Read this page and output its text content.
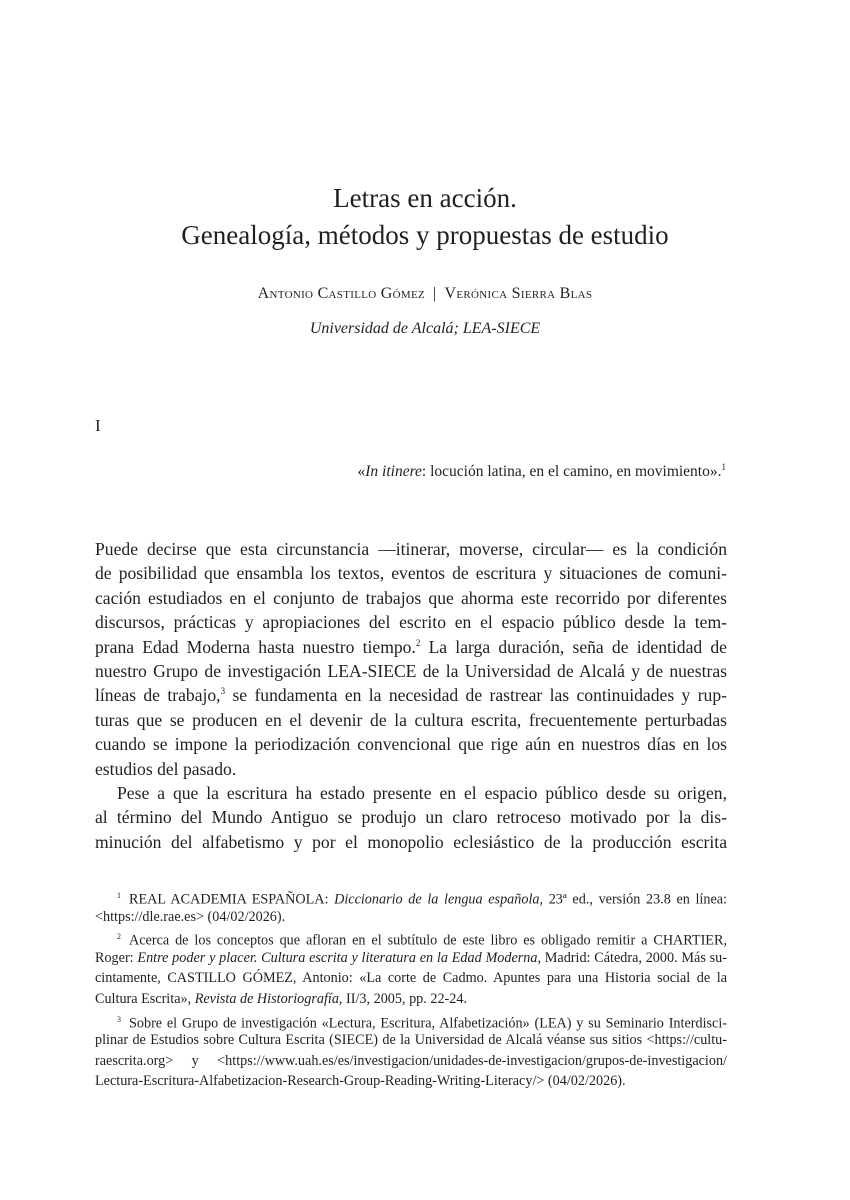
Letras en acción.
Genealogía, métodos y propuestas de estudio
Antonio Castillo Gómez | Verónica Sierra Blas
Universidad de Alcalá; LEA-SIECE
I
«In itinere: locución latina, en el camino, en movimiento».$^1$
Puede decirse que esta circunstancia —itinerar, moverse, circular— es la condición
de posibilidad que ensambla los textos, eventos de escritura y situaciones de comuni-
cación estudiados en el conjunto de trabajos que ahorma este recorrido por diferentes
discursos, prácticas y apropiaciones del escrito en el espacio público desde la tem-
prana Edad Moderna hasta nuestro tiempo.$^2$ La larga duración, seña de identidad de
nuestro Grupo de investigación LEA-SIECE de la Universidad de Alcalá y de nuestras
líneas de trabajo,$^3$ se fundamenta en la necesidad de rastrear las continuidades y rup-
turas que se producen en el devenir de la cultura escrita, frecuentemente perturbadas
cuando se impone la periodización convencional que rige aún en nuestros días en los
estudios del pasado.
Pese a que la escritura ha estado presente en el espacio público desde su origen,
al término del Mundo Antiguo se produjo un claro retroceso motivado por la dis-
minución del alfabetismo y por el monopolio eclesiástico de la producción escrita
$^1$ REAL ACADEMIA ESPAÑOLA: Diccionario de la lengua española, 23ª ed., versión 23.8 en línea:
<https://dle.rae.es> (04/02/2026).
$^2$ Acerca de los conceptos que afloran en el subtítulo de este libro es obligado remitir a CHARTIER,
Roger: Entre poder y placer. Cultura escrita y literatura en la Edad Moderna, Madrid: Cátedra, 2000. Más su-
cintamente, CASTILLO GÓMEZ, Antonio: «La corte de Cadmo. Apuntes para una Historia social de la
Cultura Escrita», Revista de Historiografía, II/3, 2005, pp. 22-24.
$^3$ Sobre el Grupo de investigación «Lectura, Escritura, Alfabetización» (LEA) y su Seminario Interdisci-
plinar de Estudios sobre Cultura Escrita (SIECE) de la Universidad de Alcalá véanse sus sitios <https://cultu-
raescrita.org> y <https://www.uah.es/es/investigacion/unidades-de-investigacion/grupos-de-investigacion/
Lectura-Escritura-Alfabetizacion-Research-Group-Reading-Writing-Literacy/> (04/02/2026).
